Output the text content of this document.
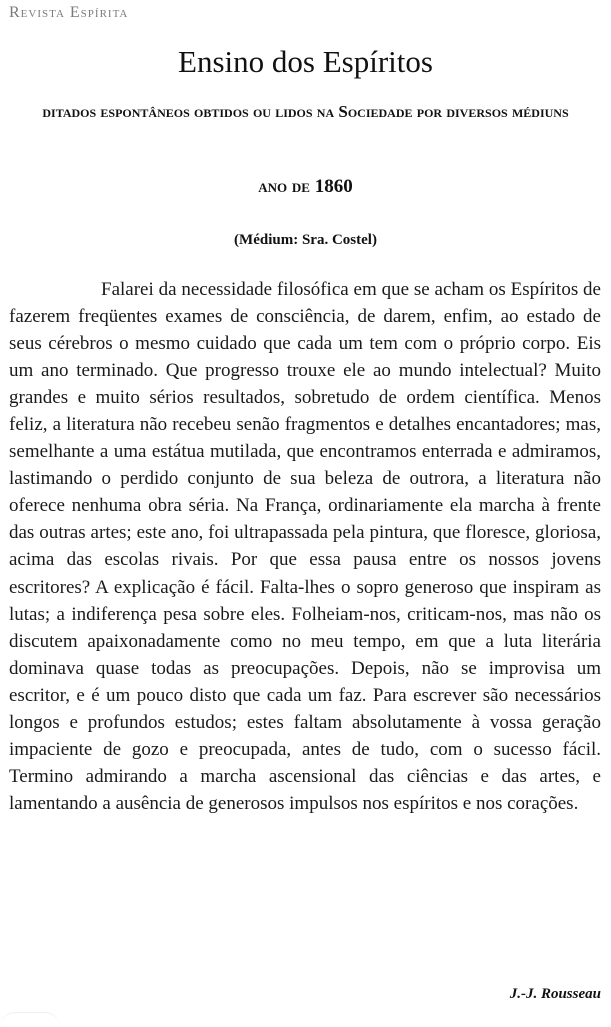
Revista Espírita
Ensino dos Espíritos
ditados espontâneos obtidos ou lidos na Sociedade por diversos médiuns
ano de 1860
(Médium: Sra. Costel)

Falarei da necessidade filosófica em que se acham os Espíritos de fazerem freqüentes exames de consciência, de darem, enfim, ao estado de seus cérebros o mesmo cuidado que cada um tem com o próprio corpo. Eis um ano terminado. Que progresso trouxe ele ao mundo intelectual? Muito grandes e muito sérios resultados, sobretudo de ordem científica. Menos feliz, a literatura não recebeu senão fragmentos e detalhes encantadores; mas, semelhante a uma estátua mutilada, que encontramos enterrada e admiramos, lastimando o perdido conjunto de sua beleza de outrora, a literatura não oferece nenhuma obra séria. Na França, ordinariamente ela marcha à frente das outras artes; este ano, foi ultrapassada pela pintura, que floresce, gloriosa, acima das escolas rivais. Por que essa pausa entre os nossos jovens escritores? A explicação é fácil. Falta-lhes o sopro generoso que inspiram as lutas; a indiferença pesa sobre eles. Folheiam-nos, criticam-nos, mas não os discutem apaixonadamente como no meu tempo, em que a luta literária dominava quase todas as preocupações. Depois, não se improvisa um escritor, e é um pouco disto que cada um faz. Para escrever são necessários longos e profundos estudos; estes faltam absolutamente à vossa geração impaciente de gozo e preocupada, antes de tudo, com o sucesso fácil. Termino admirando a marcha ascensional das ciências e das artes, e lamentando a ausência de generosos impulsos nos espíritos e nos corações.

J.-J. Rousseau
